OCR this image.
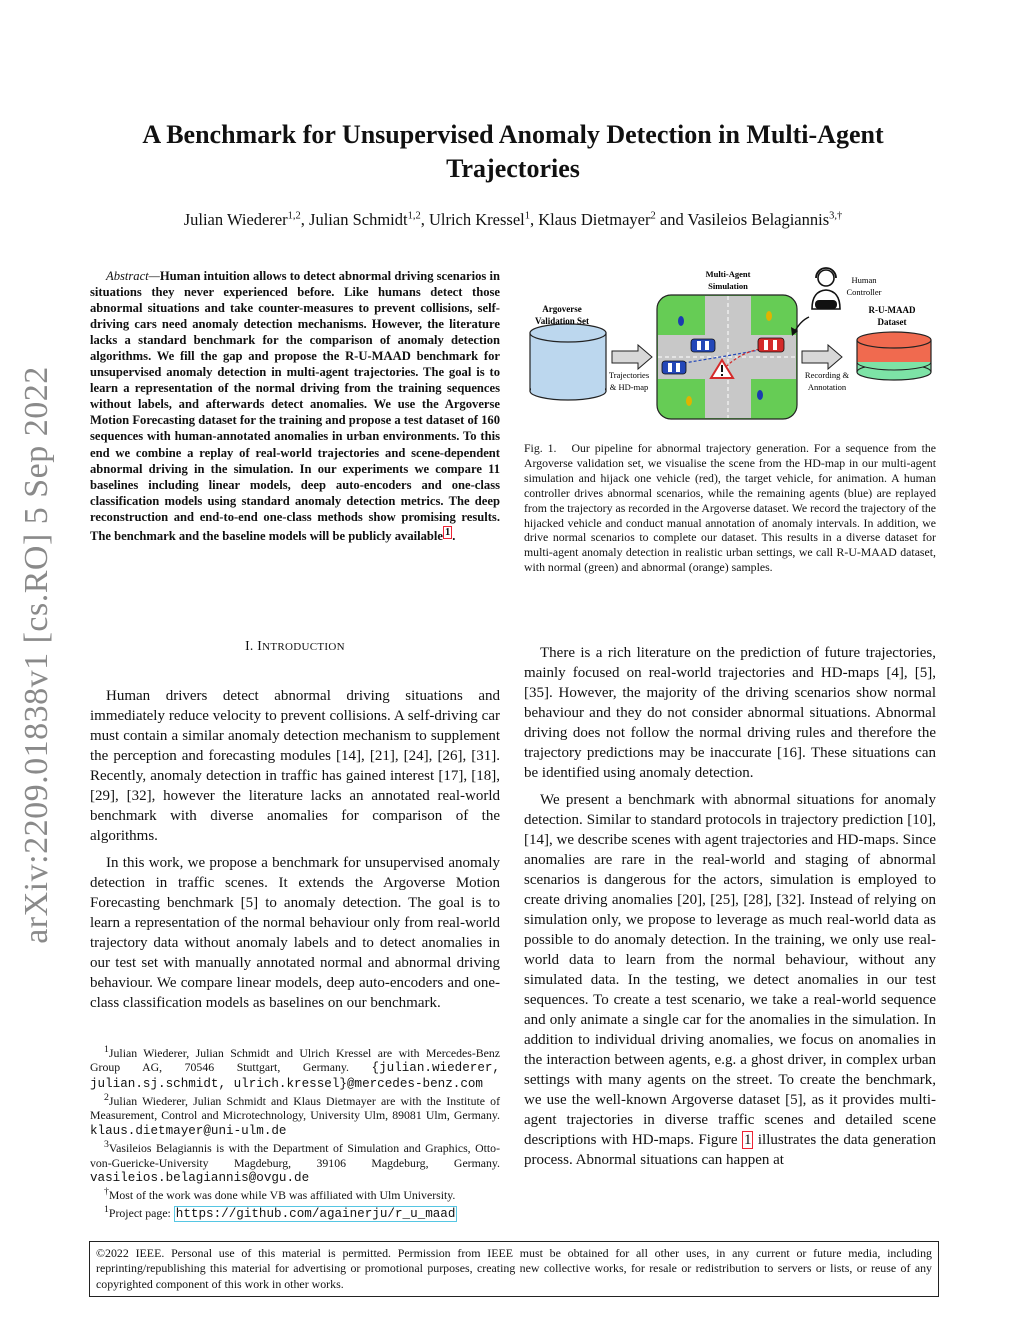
arXiv:2209.01838v1 [cs.RO] 5 Sep 2022
A Benchmark for Unsupervised Anomaly Detection in Multi-Agent Trajectories
Julian Wiederer$^{1,2}$, Julian Schmidt$^{1,2}$, Ulrich Kressel$^1$, Klaus Dietmayer$^2$ and Vasileios Belagiannis$^{3,\dagger}$

Abstract—Human intuition allows to detect abnormal driving scenarios in situations they never experienced before. Like humans detect those abnormal situations and take counter-measures to prevent collisions, self-driving cars need anomaly detection mechanisms. However, the literature lacks a standard benchmark for the comparison of anomaly detection algorithms. We fill the gap and propose the R-U-MAAD benchmark for unsupervised anomaly detection in multi-agent trajectories. The goal is to learn a representation of the normal driving from the training sequences without labels, and afterwards detect anomalies. We use the Argoverse Motion Forecasting dataset for the training and propose a test dataset of 160 sequences with human-annotated anomalies in urban environments. To this end we combine a replay of real-world trajectories and scene-dependent abnormal driving in the simulation. In our experiments we compare 11 baselines including linear models, deep auto-encoders and one-class classification models using standard anomaly detection metrics. The deep reconstruction and end-to-end one-class methods show promising results. The benchmark and the baseline models will be publicly available $^1$ .

Argoverse
Validation Set
Trajectories
& HD-map
Multi-Agent
Simulation
Human
Controller
Recording &
Annotation
R-U-MAAD
Dataset
Fig. 1. Our pipeline for abnormal trajectory generation. For a sequence from the Argoverse validation set, we visualise the scene from the HD-map in our multi-agent simulation and hijack one vehicle (red), the target vehicle, for animation. A human controller drives abnormal scenarios, while the remaining agents (blue) are replayed from the trajectory as recorded in the Argoverse dataset. We record the trajectory of the hijacked vehicle and conduct manual annotation of anomaly intervals. In addition, we drive normal scenarios to complete our dataset. This results in a diverse dataset for multi-agent anomaly detection in realistic urban settings, we call R-U-MAAD dataset, with normal (green) and abnormal (orange) samples.
I. INTRODUCTION

Human drivers detect abnormal driving situations and immediately reduce velocity to prevent collisions. A self-driving car must contain a similar anomaly detection mechanism to supplement the perception and forecasting modules [14], [21], [24], [26], [31]. Recently, anomaly detection in traffic has gained interest [17], [18], [29], [32], however the literature lacks an annotated real-world benchmark with diverse anomalies for comparison of the algorithms.

In this work, we propose a benchmark for unsupervised anomaly detection in traffic scenes. It extends the Argoverse Motion Forecasting benchmark [5] to anomaly detection. The goal is to learn a representation of the normal behaviour only from real-world trajectory data without anomaly labels and to detect anomalies in our test set with manually annotated normal and abnormal driving behaviour. We compare linear models, deep auto-encoders and one-class classification models as baselines on our benchmark.

$^1$Julian Wiederer, Julian Schmidt and Ulrich Kressel are with Mercedes-Benz Group AG, 70546 Stuttgart, Germany. {julian.wiederer, julian.sj.schmidt, ulrich.kressel}@mercedes-benz.com

$^2$Julian Wiederer, Julian Schmidt and Klaus Dietmayer are with the Institute of Measurement, Control and Microtechnology, University Ulm, 89081 Ulm, Germany. klaus.dietmayer@uni-ulm.de

$^3$Vasileios Belagiannis is with the Department of Simulation and Graphics, Otto-von-Guericke-University Magdeburg, 39106 Magdeburg, Germany. vasileios.belagiannis@ovgu.de

†Most of the work was done while VB was affiliated with Ulm University.

$^1$Project page: https://github.com/againerju/r_u_maad

There is a rich literature on the prediction of future trajectories, mainly focused on real-world trajectories and HD-maps [4], [5], [35]. However, the majority of the driving scenarios show normal behaviour and they do not consider abnormal situations. Abnormal driving does not follow the normal driving rules and therefore the trajectory predictions may be inaccurate [16]. These situations can be identified using anomaly detection.

We present a benchmark with abnormal situations for anomaly detection. Similar to standard protocols in trajectory prediction [10], [14], we describe scenes with agent trajectories and HD-maps. Since anomalies are rare in the real-world and staging of abnormal scenarios is dangerous for the actors, simulation is employed to create driving anomalies [20], [25], [28], [32]. Instead of relying on simulation only, we propose to leverage as much real-world data as possible to do anomaly detection. In the training, we only use real-world data to learn from the normal behaviour, without any simulated data. In the testing, we detect anomalies in our test sequences. To create a test scenario, we take a real-world sequence and only animate a single car for the anomalies in the simulation. In addition to individual driving anomalies, we focus on anomalies in the interaction between agents, e.g. a ghost driver, in complex urban settings with many agents on the street. To create the benchmark, we use the well-known Argoverse dataset [5], as it provides multi-agent trajectories in diverse traffic scenes and detailed scene descriptions with HD-maps. Figure 1 illustrates the data generation process. Abnormal situations can happen at

©2022 IEEE. Personal use of this material is permitted. Permission from IEEE must be obtained for all other uses, in any current or future media, including reprinting/republishing this material for advertising or promotional purposes, creating new collective works, for resale or redistribution to servers or lists, or reuse of any copyrighted component of this work in other works.
